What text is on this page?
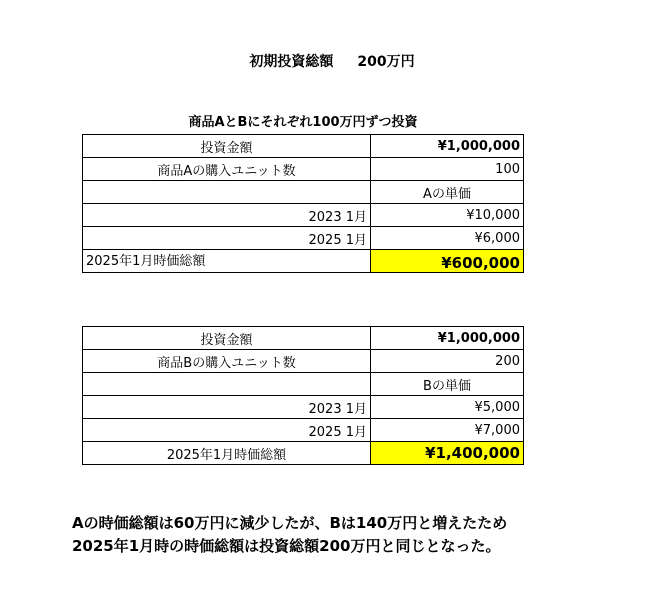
初期投資総額 200万円
商品AとBにそれぞれ100万円ずつ投資
投資金額	¥1,000,000
商品Aの購入ユニット数	100
	Aの単価
2023 1月	¥10,000
2025 1月	¥6,000
2025年1月時価総額	¥600,000
投資金額	¥1,000,000
商品Bの購入ユニット数	200
	Bの単価
2023 1月	¥5,000
2025 1月	¥7,000
2025年1月時価総額	¥1,400,000
Aの時価総額は60万円に減少したが、Bは140万円と増えたため
2025年1月時の時価総額は投資総額200万円と同じとなった。
